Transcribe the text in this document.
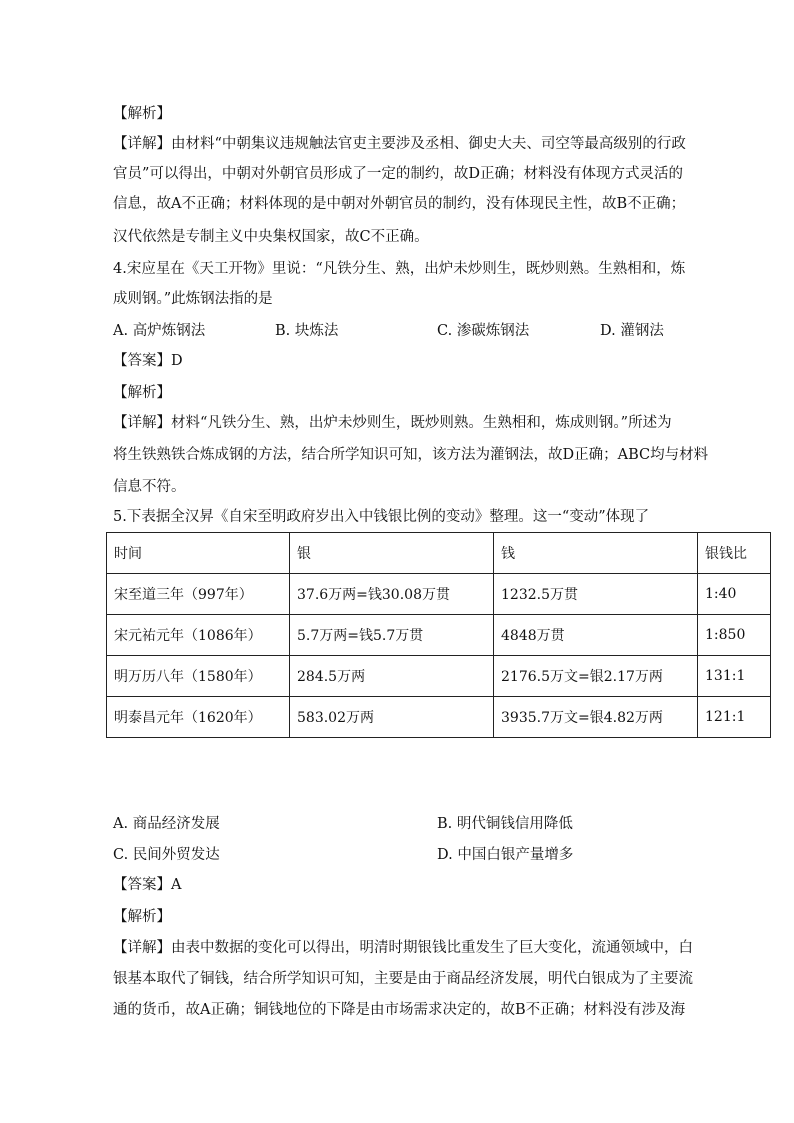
【解析】
【详解】由材料“中朝集议违规触法官吏主要涉及丞相、御史大夫、司空等最高级别的行政
官员”可以得出，中朝对外朝官员形成了一定的制约，故D正确；材料没有体现方式灵活的
信息，故A不正确；材料体现的是中朝对外朝官员的制约，没有体现民主性，故B不正确；
汉代依然是专制主义中央集权国家，故C不正确。
4.宋应星在《天工开物》里说：“凡铁分生、熟，出炉未炒则生，既炒则熟。生熟相和，炼
成则钢。”此炼钢法指的是
A. 高炉炼钢法	B. 块炼法	C. 渗碳炼钢法	D. 灌钢法
【答案】D
【解析】
【详解】材料“凡铁分生、熟，出炉未炒则生，既炒则熟。生熟相和，炼成则钢。”所述为
将生铁熟铁合炼成钢的方法，结合所学知识可知，该方法为灌钢法，故D正确；ABC均与材料
信息不符。
5.下表据全汉昇《自宋至明政府岁出入中钱银比例的变动》整理。这一“变动”体现了
时间	银	钱	银钱比
宋至道三年（997年）	37.6万两=钱30.08万贯	1232.5万贯	1:40
宋元祐元年（1086年）	5.7万两=钱5.7万贯	4848万贯	1:850
明万历八年（1580年）	284.5万两	2176.5万文=银2.17万两	131:1
明泰昌元年（1620年）	583.02万两	3935.7万文=银4.82万两	121:1
A. 商品经济发展	B. 明代铜钱信用降低
C. 民间外贸发达	D. 中国白银产量增多
【答案】A
【解析】
【详解】由表中数据的变化可以得出，明清时期银钱比重发生了巨大变化，流通领域中，白
银基本取代了铜钱，结合所学知识可知，主要是由于商品经济发展，明代白银成为了主要流
通的货币，故A正确；铜钱地位的下降是由市场需求决定的，故B不正确；材料没有涉及海
